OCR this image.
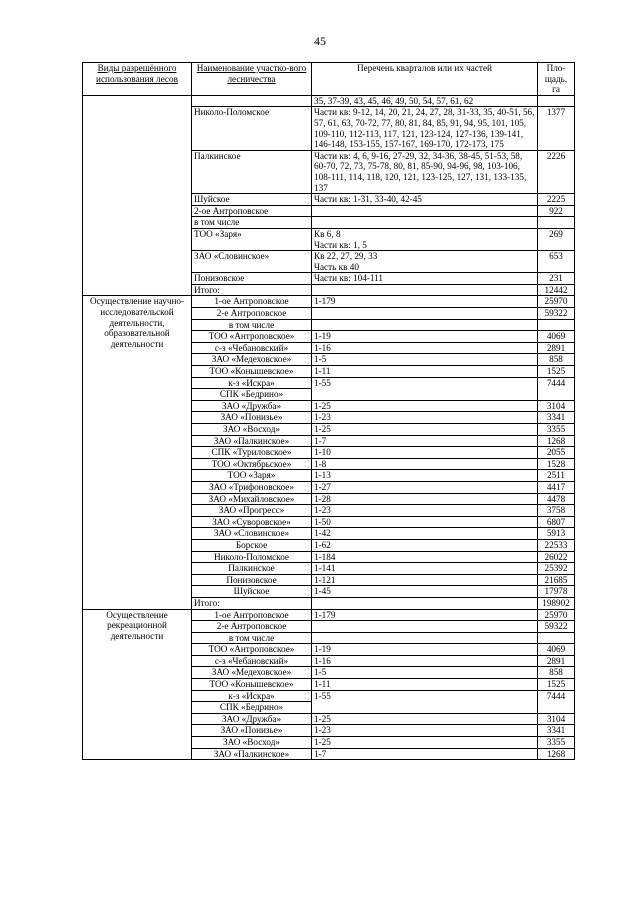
45
Виды разрешённого использования лесов	Наименование участко-вого лесничества	Перечень кварталов или их частей	Пло-щадь, га
		35, 37-39, 43, 45, 46, 49, 50, 54, 57, 61, 62	
	Николо-Поломское	Части кв: 9-12, 14, 20, 21, 24, 27, 28, 31-33, 35, 40-51, 56, 57, 61, 63, 70-72, 77, 80, 81, 84, 85, 91, 94, 95, 101, 105, 109-110, 112-113, 117, 121, 123-124, 127-136, 139-141, 146-148, 153-155, 157-167, 169-170, 172-173, 175	1377
	Палкинское	Части кв: 4, 6, 9-16, 27-29, 32, 34-36, 38-45, 51-53, 58, 60-70, 72, 73, 75-78, 80, 81, 85-90, 94-96, 98, 103-106, 108-111, 114, 118, 120, 121, 123-125, 127, 131, 133-135, 137	2226
	Шуйское	Части кв: 1-31, 33-40, 42-45	2225
	2-ое Антроповское		922
	в том числе		
	ТОО «Заря»	Кв 6, 8
Части кв: 1, 5	269
	ЗАО «Словинское»	Кв 22, 27, 29, 33
Часть кв 40	653
	Понизовское	Части кв: 104-111	231
	Итого:		12442
Осуществление научно-исследовательской деятельности, образовательной деятельности	1-ое Антроповское	1-179	25970
	2-е Антроповское		59322
	в том числе		
	ТОО «Антроповское»	1-19	4069
	с-з «Чебановский»	1-16	2891
	ЗАО «Медеховское»	1-5	858
	ТОО «Конышевское»	1-11	1525
	к-з «Искра»	1-55	7444
	СПК «Бедрино»		
	ЗАО «Дружба»	1-25	3104
	ЗАО «Понизье»	1-23	3341
	ЗАО «Восход»	1-25	3355
	ЗАО «Палкинское»	1-7	1268
	СПК «Туриловское»	1-10	2055
	ТОО «Октябрьское»	1-8	1528
	ТОО «Заря»	1-13	2511
	ЗАО «Трифоновское»	1-27	4417
	ЗАО «Михайловское»	1-28	4478
	ЗАО «Прогресс»	1-23	3758
	ЗАО «Суворовское»	1-50	6807
	ЗАО «Словинское»	1-42	5913
	Борское	1-62	22533
	Николо-Поломское	1-184	26022
	Палкинское	1-141	25392
	Понизовское	1-121	21685
	Шуйское	1-45	17978
	Итого:		198902
Осуществление рекреационной деятельности	1-ое Антроповское	1-179	25970
	2-е Антроповское		59322
	в том числе		
	ТОО «Антроповское»	1-19	4069
	с-з «Чебановский»	1-16	2891
	ЗАО «Медеховское»	1-5	858
	ТОО «Конышевское»	1-11	1525
	к-з «Искра»	1-55	7444
	СПК «Бедрино»		
	ЗАО «Дружба»	1-25	3104
	ЗАО «Понизье»	1-23	3341
	ЗАО «Восход»	1-25	3355
	ЗАО «Палкинское»	1-7	1268
